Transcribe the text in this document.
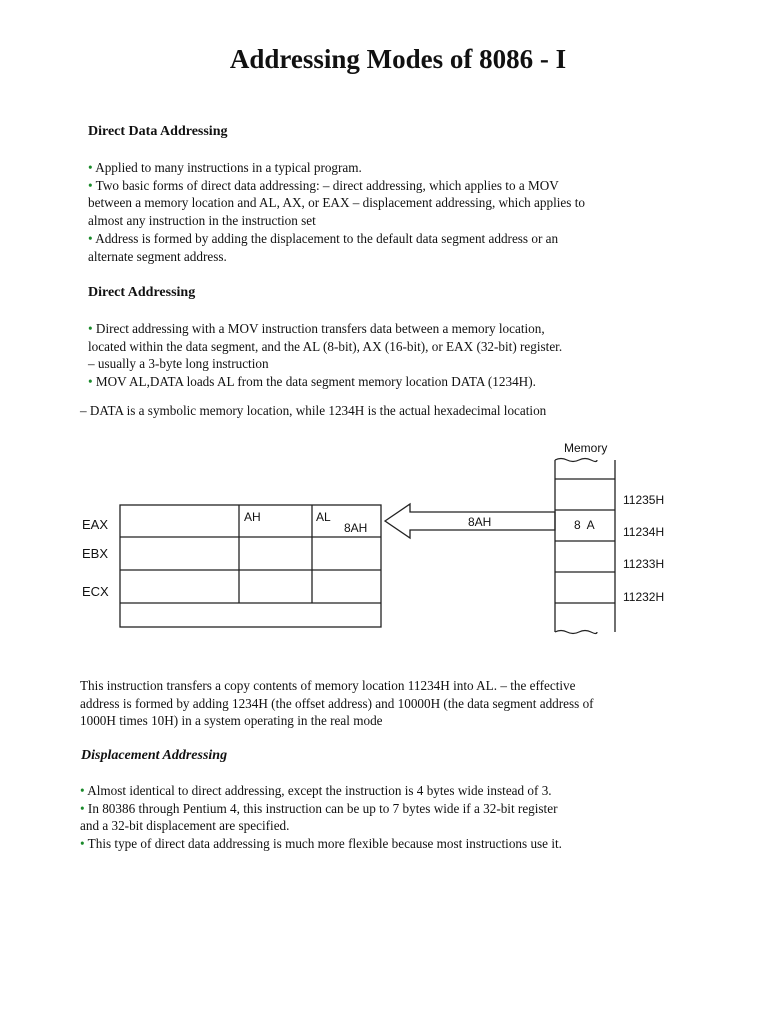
Addressing Modes of 8086 - I
Direct Data Addressing
• Applied to many instructions in a typical program.
• Two basic forms of direct data addressing: – direct addressing, which applies to a MOV
between a memory location and AL, AX, or EAX – displacement addressing, which applies to
almost any instruction in the instruction set
• Address is formed by adding the displacement to the default data segment address or an
alternate segment address.
Direct Addressing
• Direct addressing with a MOV instruction transfers data between a memory location,
located within the data segment, and the AL (8-bit), AX (16-bit), or EAX (32-bit) register.
– usually a 3-byte long instruction
• MOV AL,DATA loads AL from the data segment memory location DATA (1234H).
– DATA is a symbolic memory location, while 1234H is the actual hexadecimal location
EAX
EBX
ECX
AH	AL
8AH	8AH
Memory
8  A
11235H
11234H
11233H
11232H
This instruction transfers a copy contents of memory location 11234H into AL. – the effective
address is formed by adding 1234H (the offset address) and 10000H (the data segment address of
1000H times 10H) in a system operating in the real mode
Displacement Addressing
• Almost identical to direct addressing, except the instruction is 4 bytes wide instead of 3.
• In 80386 through Pentium 4, this instruction can be up to 7 bytes wide if a 32-bit register
and a 32-bit displacement are specified.
• This type of direct data addressing is much more flexible because most instructions use it.
